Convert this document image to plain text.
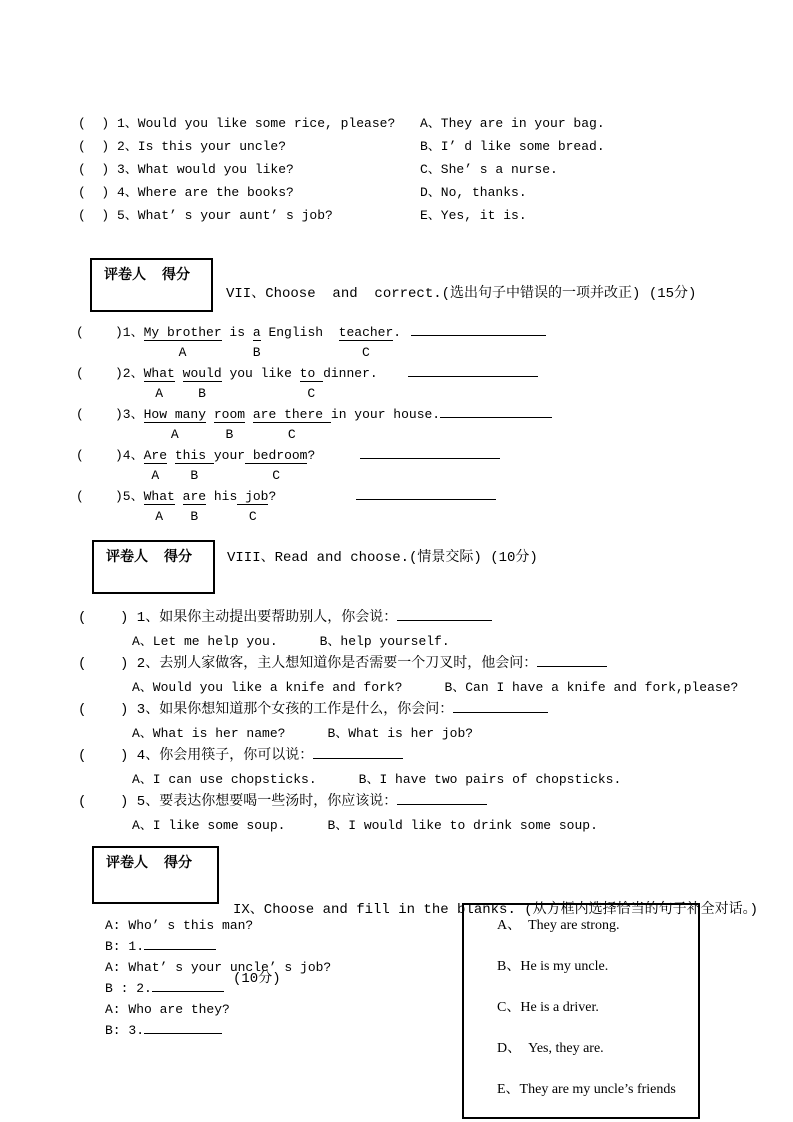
(  ) 1、Would you like some rice, please?	A、They are in your bag.
(  ) 2、Is this your uncle?	B、I’ d like some bread.
(  ) 3、What would you like?	C、She’ s a nurse.
(  ) 4、Where are the books?	D、No, thanks.
(  ) 5、What’ s your aunt’ s job?	E、Yes, it is.
评卷人 得分
VII、Choose  and  correct.(选出句子中错误的一项并改正) (15分)
(    )1、My brother is a English  teacher.
A	B	C
(    )2、What would you like to dinner.
A	B	C
(    )3、How many room are there in your house.
A	B	C
(    )4、Are this your bedroom?
A B	C
(    )5、What are his job?
A B	C
评卷人 得分	VIII、Read and choose.(情景交际) (10分)
(    ) 1、如果你主动提出要帮助别人，你会说：
A、Let me help you.	B、help yourself.
(    ) 2、去别人家做客，主人想知道你是否需要一个刀叉时，他会问：
A、Would you like a knife and fork?	B、Can I have a knife and fork,please?
(    ) 3、如果你想知道那个女孩的工作是什么，你会问：
A、What is her name?	B、What is her job?
(    ) 4、你会用筷子，你可以说：
A、I can use chopsticks.	B、I have two pairs of chopsticks.
(    ) 5、要表达你想要喝一些汤时，你应该说：
A、I like some soup.	B、I would like to drink some soup.
评卷人 得分

IX、Choose and fill in the blanks. (从方框内选择恰当的句子补全对话。)

(10分)

A: Who’ s this man?
B: 1.
A: What’ s your uncle’ s job?
B : 2.
A: Who are they?
B: 3.
A、  They are strong.
B、He is my uncle.
C、He is a driver.
D、  Yes, they are.
E、They are my uncle’s friends
